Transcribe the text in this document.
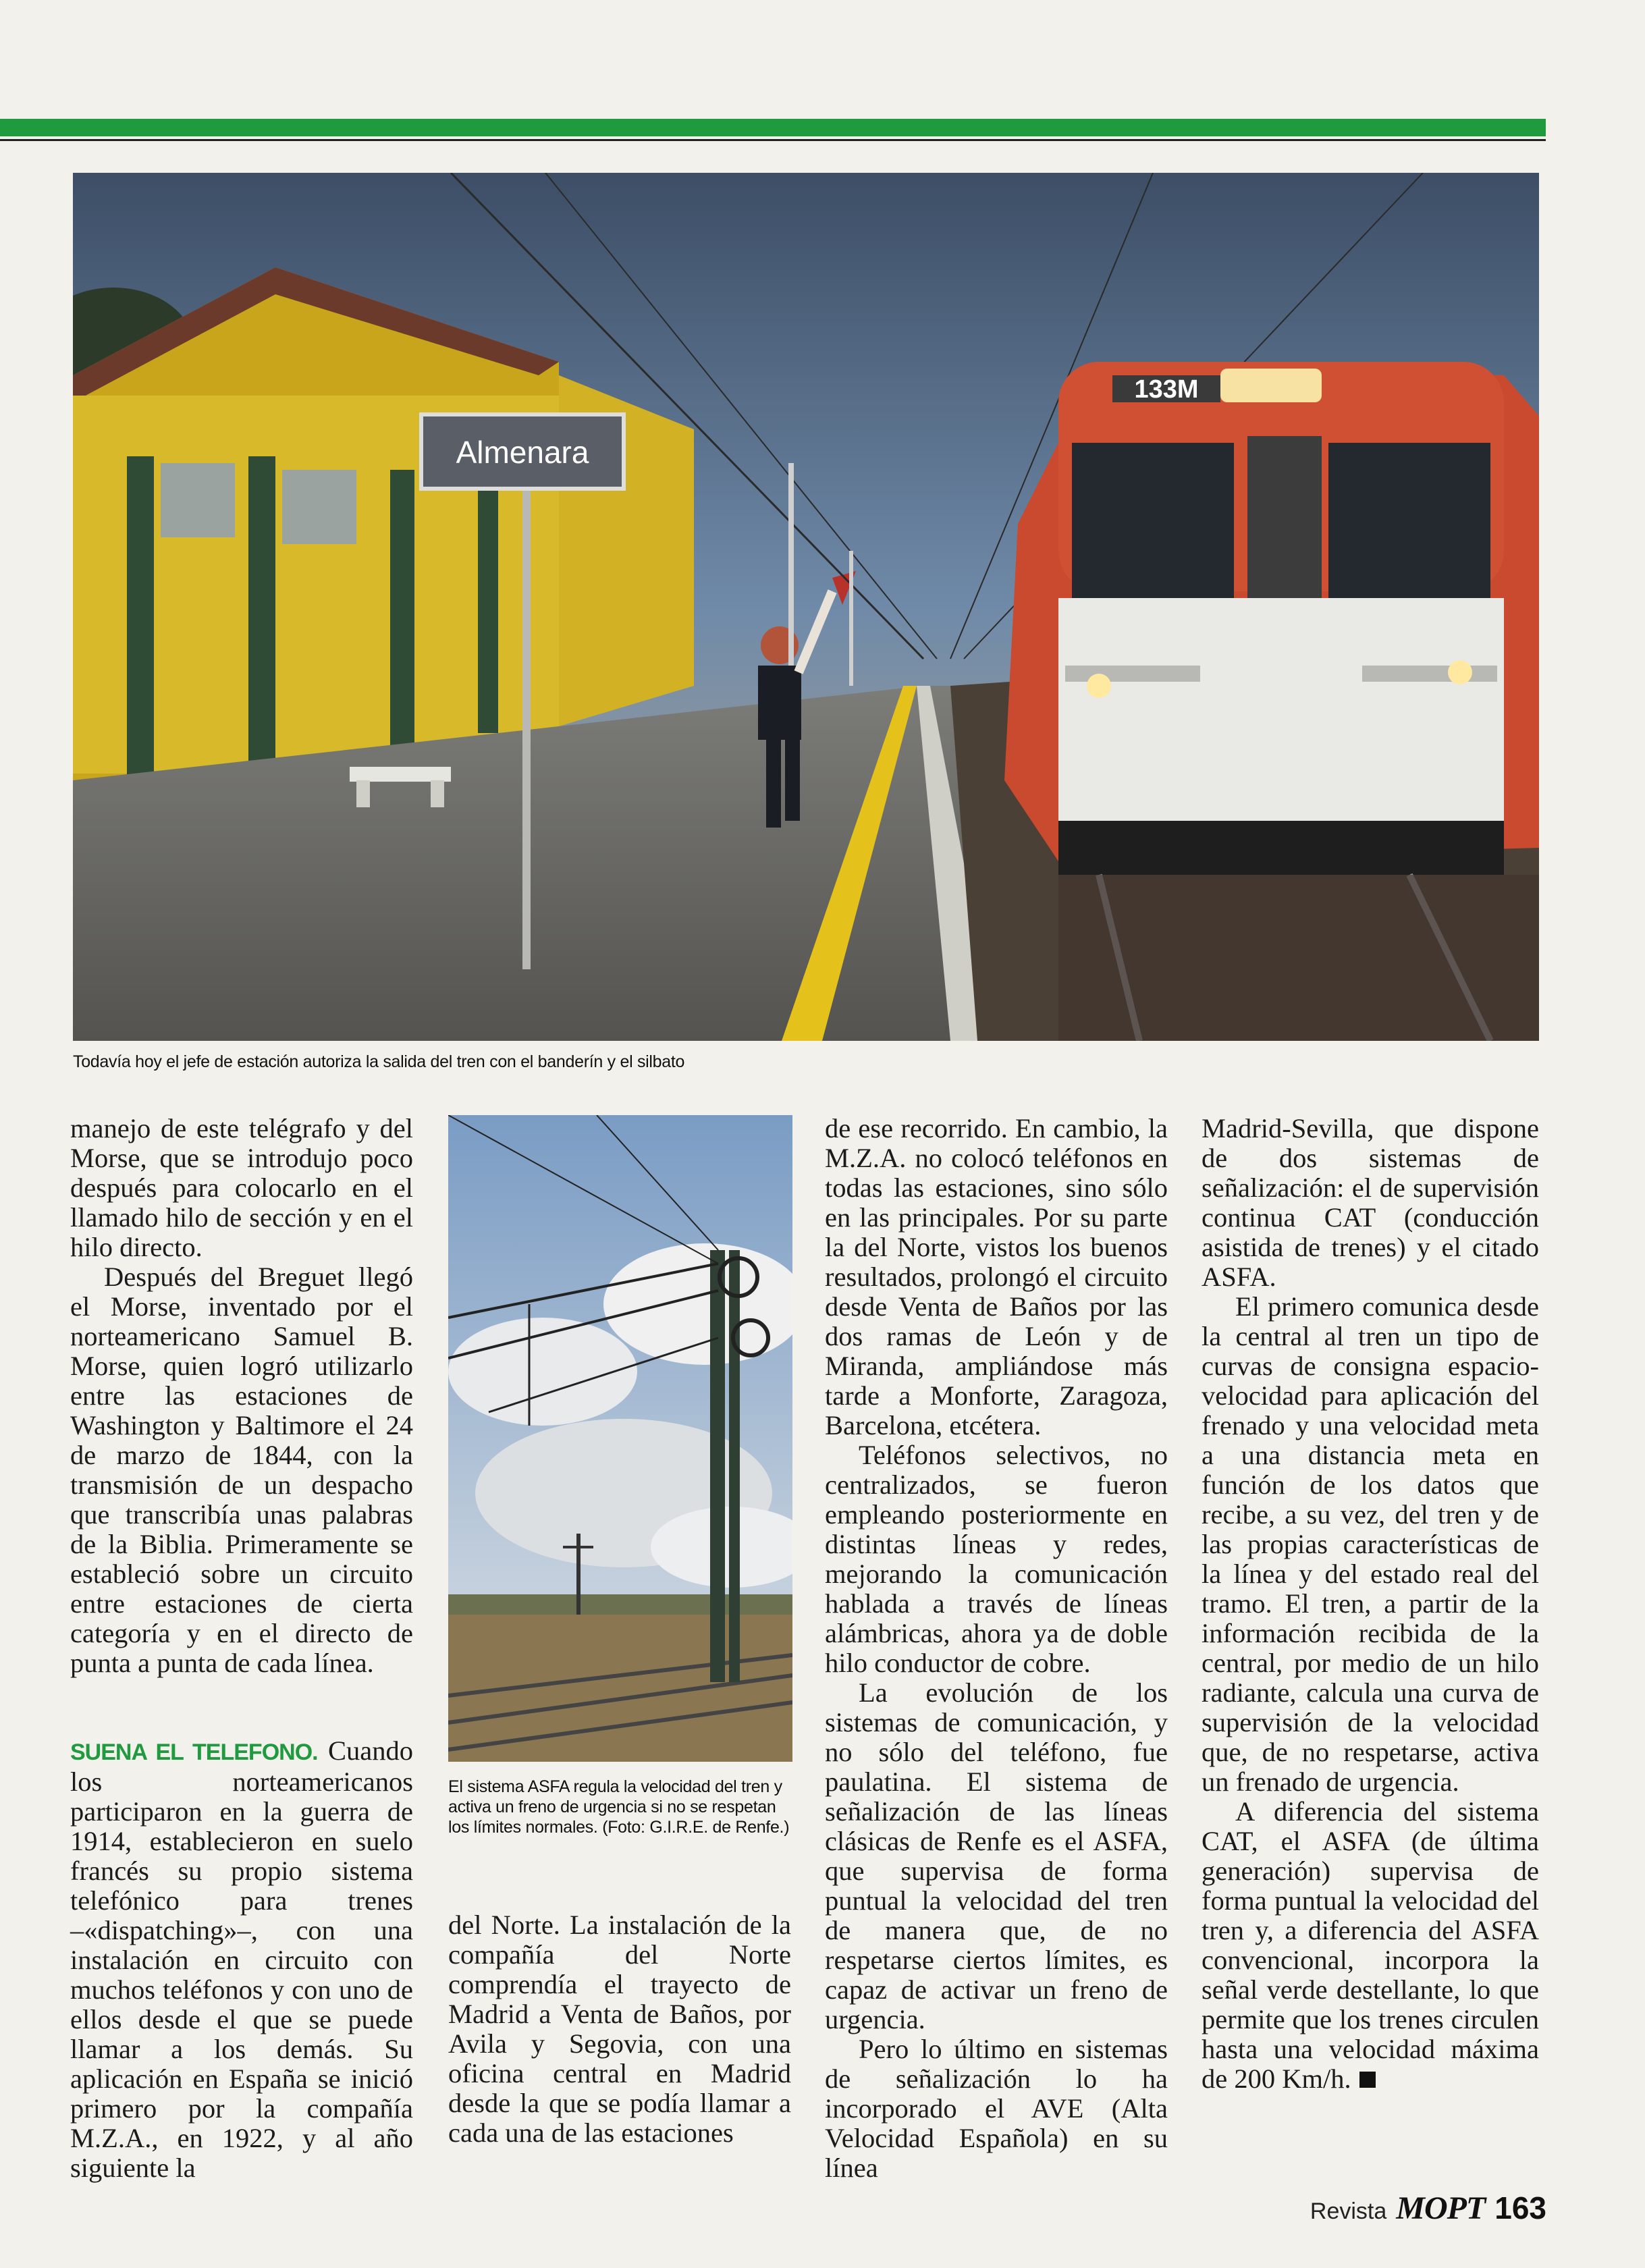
Almenara
133M
Todavía hoy el jefe de estación autoriza la salida del tren con el banderín y el silbato

manejo de este telégrafo y del Morse, que se introdujo poco después para colocarlo en el llamado hilo de sección y en el hilo directo.

Después del Breguet llegó el Morse, inventado por el norteamericano Samuel B. Morse, quien logró utilizarlo entre las estaciones de Washington y Baltimore el 24 de marzo de 1844, con la transmisión de un despacho que transcribía unas palabras de la Biblia. Primeramente se estableció sobre un circuito entre estaciones de cierta categoría y en el directo de punta a punta de cada línea.

SUENA EL TELEFONO. Cuando los norteamericanos participaron en la guerra de 1914, establecieron en suelo francés su propio sistema telefónico para trenes –«dispatching»–, con una instalación en circuito con muchos teléfonos y con uno de ellos desde el que se puede llamar a los demás. Su aplicación en España se inició primero por la compañía M.Z.A., en 1922, y al año siguiente la

El sistema ASFA regula la velocidad del tren y activa un freno de urgencia si no se respetan los límites normales. (Foto: G.I.R.E. de Renfe.)

del Norte. La instalación de la compañía del Norte comprendía el trayecto de Madrid a Venta de Baños, por Avila y Segovia, con una oficina central en Madrid desde la que se podía llamar a cada una de las estaciones

de ese recorrido. En cambio, la M.Z.A. no colocó teléfonos en todas las estaciones, sino sólo en las principales. Por su parte la del Norte, vistos los buenos resultados, prolongó el circuito desde Venta de Baños por las dos ramas de León y de Miranda, ampliándose más tarde a Monforte, Zaragoza, Barcelona, etcétera.

Teléfonos selectivos, no centralizados, se fueron empleando posteriormente en distintas líneas y redes, mejorando la comunicación hablada a través de líneas alámbricas, ahora ya de doble hilo conductor de cobre.

La evolución de los sistemas de comunicación, y no sólo del teléfono, fue paulatina. El sistema de señalización de las líneas clásicas de Renfe es el ASFA, que supervisa de forma puntual la velocidad del tren de manera que, de no respetarse ciertos límites, es capaz de activar un freno de urgencia.

Pero lo último en sistemas de señalización lo ha incorporado el AVE (Alta Velocidad Española) en su línea

Madrid-Sevilla, que dispone de dos sistemas de señalización: el de supervisión continua CAT (conducción asistida de trenes) y el citado ASFA.

El primero comunica desde la central al tren un tipo de curvas de consigna espacio-velocidad para aplicación del frenado y una velocidad meta a una distancia meta en función de los datos que recibe, a su vez, del tren y de las propias características de la línea y del estado real del tramo. El tren, a partir de la información recibida de la central, por medio de un hilo radiante, calcula una curva de supervisión de la velocidad que, de no respetarse, activa un frenado de urgencia.

A diferencia del sistema CAT, el ASFA (de última generación) supervisa de forma puntual la velocidad del tren y, a diferencia del ASFA convencional, incorpora la señal verde destellante, lo que permite que los trenes circulen hasta una velocidad máxima de 200 Km/h.

Revista MOPT 163
